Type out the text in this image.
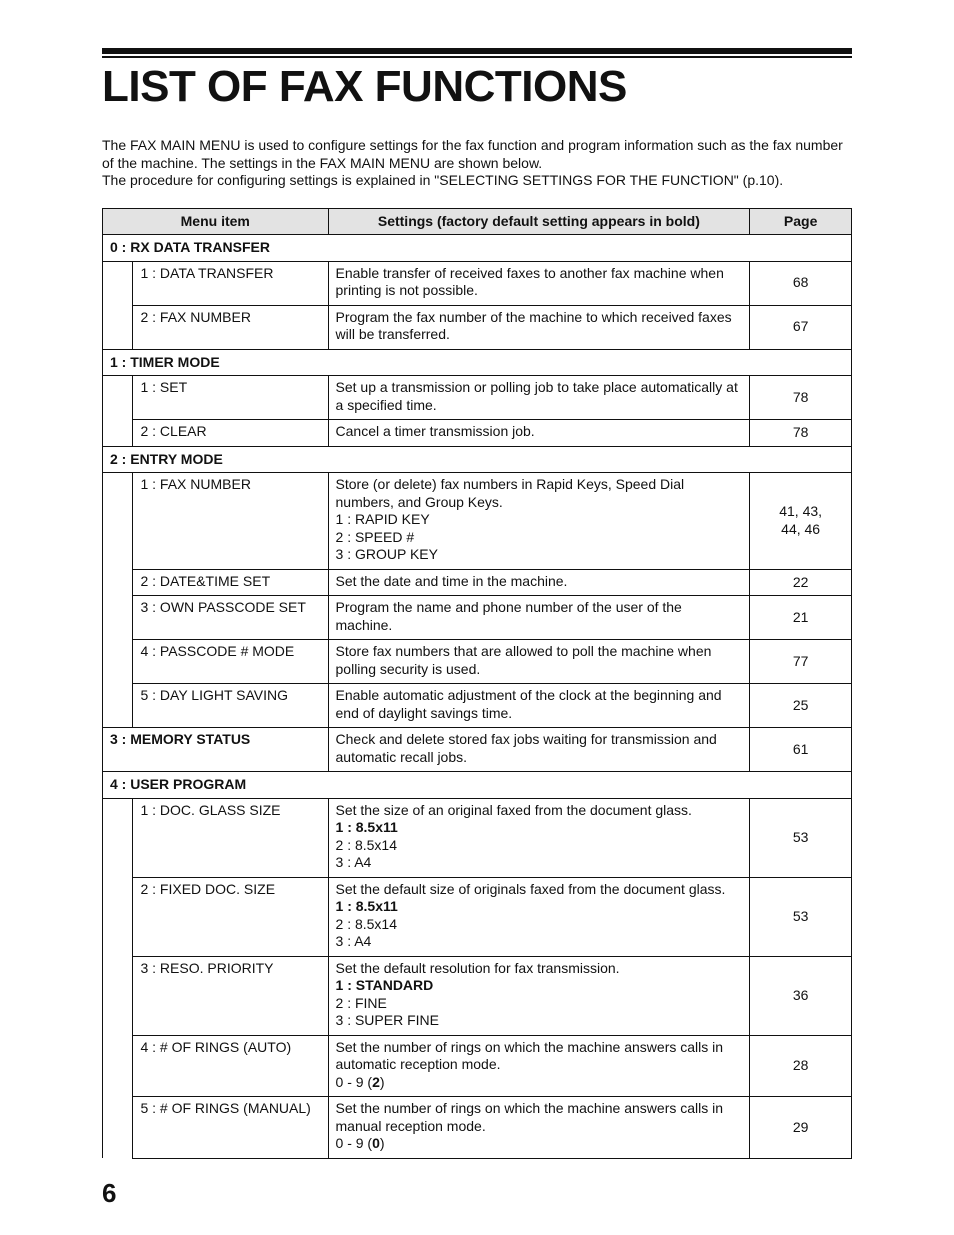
LIST OF FAX FUNCTIONS

The FAX MAIN MENU is used to configure settings for the fax function and program information such as the fax number of the machine. The settings in the FAX MAIN MENU are shown below.

The procedure for configuring settings is explained in "SELECTING SETTINGS FOR THE FUNCTION" (p.10).

Menu item		Settings (factory default setting appears in bold)	Page
0 : RX DATA TRANSFER			
	1 : DATA TRANSFER	Enable transfer of received faxes to another fax machine when printing is not possible.	68
	2 : FAX NUMBER	Program the fax number of the machine to which received faxes will be transferred.	67
1 : TIMER MODE			
	1 : SET	Set up a transmission or polling job to take place automatically at a specified time.	78
	2 : CLEAR	Cancel a timer transmission job.	78
2 : ENTRY MODE			
	1 : FAX NUMBER	Store (or delete) fax numbers in Rapid Keys, Speed Dial numbers, and Group Keys.
1 : RAPID KEY
2 : SPEED #
3 : GROUP KEY	41, 43,
44, 46

	2 : DATE&TIME SET	Set the date and time in the machine.	22
	3 : OWN PASSCODE SET	Program the name and phone number of the user of the machine.	21
	4 : PASSCODE # MODE	Store fax numbers that are allowed to poll the machine when polling security is used.	77
	5 : DAY LIGHT SAVING	Enable automatic adjustment of the clock at the beginning and end of daylight savings time.	25
3 : MEMORY STATUS		Check and delete stored fax jobs waiting for transmission and automatic recall jobs.	61
4 : USER PROGRAM			
	1 : DOC. GLASS SIZE	Set the size of an original faxed from the document glass.
1 : 8.5x11
2 : 8.5x14
3 : A4	53
	2 : FIXED DOC. SIZE	Set the default size of originals faxed from the document glass.
1 : 8.5x11
2 : 8.5x14
3 : A4	53
	3 : RESO. PRIORITY	Set the default resolution for fax transmission.
1 : STANDARD
2 : FINE
3 : SUPER FINE	36
	4 : # OF RINGS (AUTO)	Set the number of rings on which the machine answers calls in automatic reception mode.
0 - 9 (2)	28
	5 : # OF RINGS (MANUAL)	Set the number of rings on which the machine answers calls in manual reception mode.
0 - 9 (0)	29

6
